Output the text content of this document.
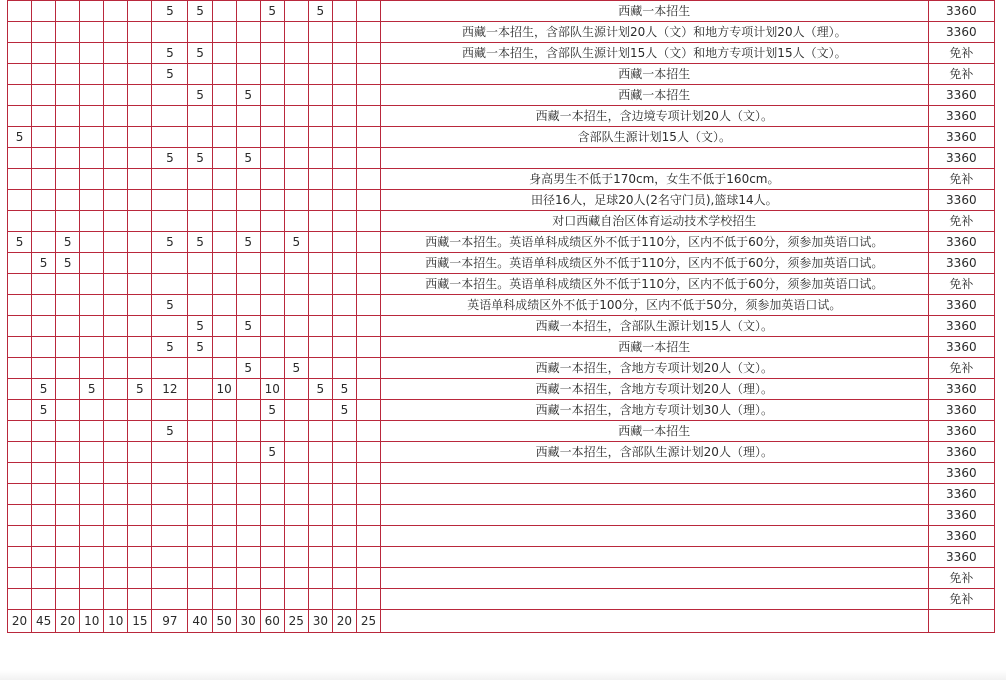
						5	5			5		5			西藏一本招生	3360
															西藏一本招生，含部队生源计划20人（文）和地方专项计划20人（理）。	3360
						5	5								西藏一本招生，含部队生源计划15人（文）和地方专项计划15人（文）。	免补
						5									西藏一本招生	免补
							5		5						西藏一本招生	3360
															西藏一本招生，含边境专项计划20人（文）。	3360
5															含部队生源计划15人（文）。	3360
						5	5		5							3360
															身高男生不低于170cm，女生不低于160cm。	免补
															田径16人，足球20人(2名守门员),篮球14人。	3360
															对口西藏自治区体育运动技术学校招生	免补
5		5				5	5		5		5				西藏一本招生。英语单科成绩区外不低于110分，区内不低于60分，须参加英语口试。	3360
	5	5													西藏一本招生。英语单科成绩区外不低于110分，区内不低于60分，须参加英语口试。	3360
															西藏一本招生。英语单科成绩区外不低于110分，区内不低于60分，须参加英语口试。	免补
						5									英语单科成绩区外不低于100分，区内不低于50分，须参加英语口试。	3360
							5		5						西藏一本招生，含部队生源计划15人（文）。	3360
						5	5								西藏一本招生	3360
									5		5				西藏一本招生，含地方专项计划20人（文）。	免补
	5		5		5	12		10		10		5	5		西藏一本招生，含地方专项计划20人（理）。	3360
	5									5			5		西藏一本招生，含地方专项计划30人（理）。	3360
						5									西藏一本招生	3360
										5					西藏一本招生，含部队生源计划20人（理）。	3360
																3360
																3360
																3360
																3360
																3360
																免补
																免补
20	45	20	10	10	15	97	40	50	30	60	25	30	20	25		
